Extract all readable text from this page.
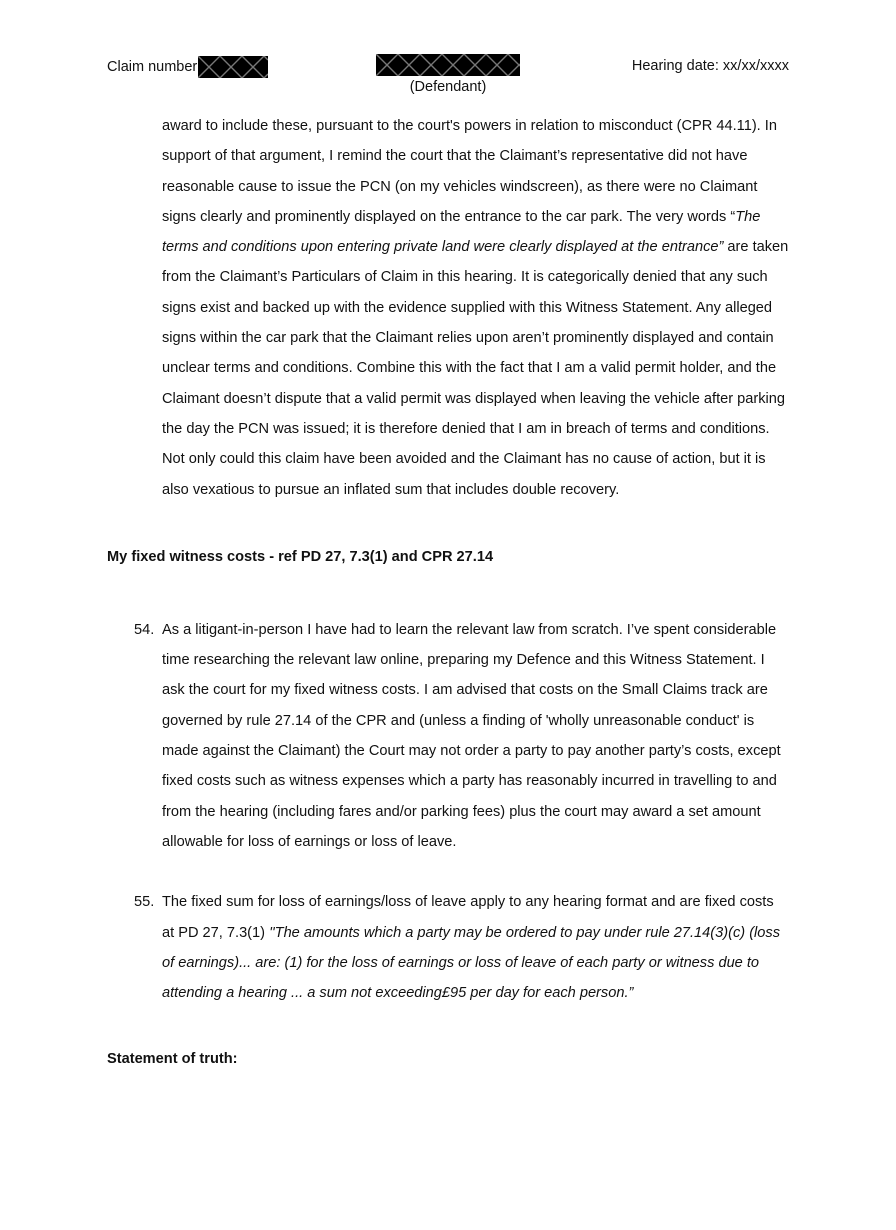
Claim number
(Defendant)
Hearing date: xx/xx/xxxx

award to include these, pursuant to the court's powers in relation to misconduct (CPR 44.11). In support of that argument, I remind the court that the Claimant’s representative did not have reasonable cause to issue the PCN (on my vehicles windscreen), as there were no Claimant signs clearly and prominently displayed on the entrance to the car park. The very words “The terms and conditions upon entering private land were clearly displayed at the entrance” are taken from the Claimant’s Particulars of Claim in this hearing. It is categorically denied that any such signs exist and backed up with the evidence supplied with this Witness Statement. Any alleged signs within the car park that the Claimant relies upon aren’t prominently displayed and contain unclear terms and conditions. Combine this with the fact that I am a valid permit holder, and the Claimant doesn’t dispute that a valid permit was displayed when leaving the vehicle after parking the day the PCN was issued; it is therefore denied that I am in breach of terms and conditions. Not only could this claim have been avoided and the Claimant has no cause of action, but it is also vexatious to pursue an inflated sum that includes double recovery.

My fixed witness costs - ref PD 27, 7.3(1) and CPR 27.14

54. As a litigant-in-person I have had to learn the relevant law from scratch. I’ve spent considerable time researching the relevant law online, preparing my Defence and this Witness Statement. I ask the court for my fixed witness costs. I am advised that costs on the Small Claims track are governed by rule 27.14 of the CPR and (unless a finding of 'wholly unreasonable conduct' is made against the Claimant) the Court may not order a party to pay another party’s costs, except fixed costs such as witness expenses which a party has reasonably incurred in travelling to and from the hearing (including fares and/or parking fees) plus the court may award a set amount allowable for loss of earnings or loss of leave.

55. The fixed sum for loss of earnings/loss of leave apply to any hearing format and are fixed costs at PD 27, 7.3(1) ''The amounts which a party may be ordered to pay under rule 27.14(3)(c) (loss of earnings)... are: (1) for the loss of earnings or loss of leave of each party or witness due to attending a hearing ... a sum not exceeding£95 per day for each person.”

Statement of truth:
